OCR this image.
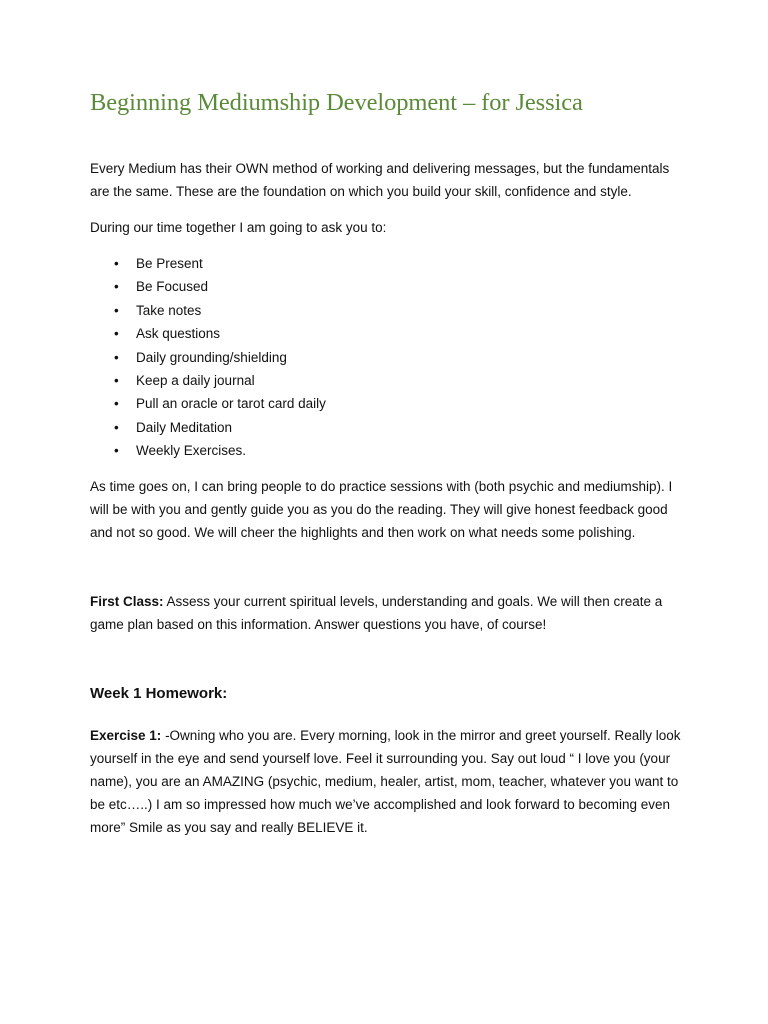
Beginning Mediumship Development – for Jessica

Every Medium has their OWN method of working and delivering messages, but the fundamentals are the same. These are the foundation on which you build your skill, confidence and style.

During our time together I am going to ask you to:

• Be Present
• Be Focused
• Take notes
• Ask questions
• Daily grounding/shielding
• Keep a daily journal
• Pull an oracle or tarot card daily
• Daily Meditation
• Weekly Exercises.

As time goes on, I can bring people to do practice sessions with (both psychic and mediumship). I will be with you and gently guide you as you do the reading. They will give honest feedback good and not so good. We will cheer the highlights and then work on what needs some polishing.

First Class: Assess your current spiritual levels, understanding and goals. We will then create a game plan based on this information. Answer questions you have, of course!

Week 1 Homework:

Exercise 1: -Owning who you are. Every morning, look in the mirror and greet yourself. Really look yourself in the eye and send yourself love. Feel it surrounding you. Say out loud “ I love you (your name), you are an AMAZING (psychic, medium, healer, artist, mom, teacher, whatever you want to be etc…..) I am so impressed how much we’ve accomplished and look forward to becoming even more” Smile as you say and really BELIEVE it.
